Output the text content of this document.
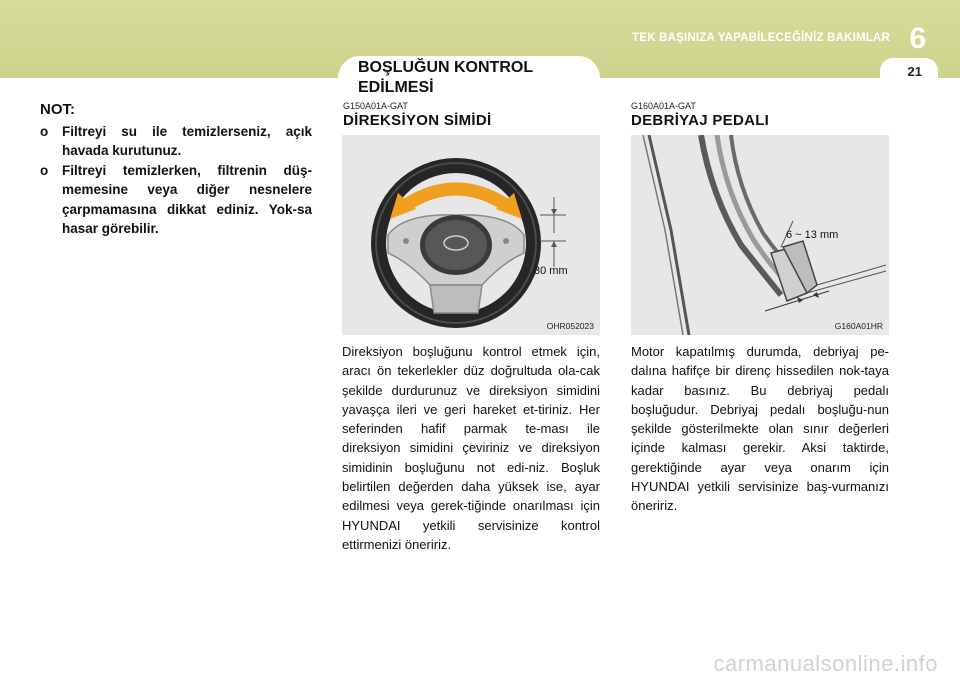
TEK BAŞINIZA YAPABİLECEĞİNİZ BAKIMLAR 6
21
BOŞLUĞUN KONTROL EDİLMESİ
NOT:
o	Filtreyi su ile temizlerseniz, açık havada kurutunuz.
o	Filtreyi temizlerken, filtrenin düş-memesine veya diğer nesnelere çarpmamasına dikkat ediniz. Yok-sa hasar görebilir.
G150A01A-GAT
DİREKSİYON SİMİDİ
30 mm
OHR052023
Direksiyon boşluğunu kontrol etmek için, aracı ön tekerlekler düz doğrultuda ola-cak şekilde durdurunuz ve direksiyon simidini yavaşça ileri ve geri hareket et-tiriniz. Her seferinden hafif parmak te-ması ile direksiyon simidini çeviriniz ve direksiyon simidinin boşluğunu not edi-niz. Boşluk belirtilen değerden daha yüksek ise, ayar edilmesi veya gerek-tiğinde onarılması için HYUNDAI yetkili servisinize kontrol ettirmenizi öneririz.
G160A01A-GAT
DEBRİYAJ PEDALI
6 ~ 13 mm
G160A01HR
Motor kapatılmış durumda, debriyaj pe-dalına hafifçe bir direnç hissedilen nok-taya kadar basınız. Bu debriyaj pedalı boşluğudur. Debriyaj pedalı boşluğu-nun şekilde gösterilmekte olan sınır değerleri içinde kalması gerekir. Aksi taktirde, gerektiğinde ayar veya onarım için HYUNDAI yetkili servisinize baş-vurmanızı öneririz.
carmanualsonline.info
